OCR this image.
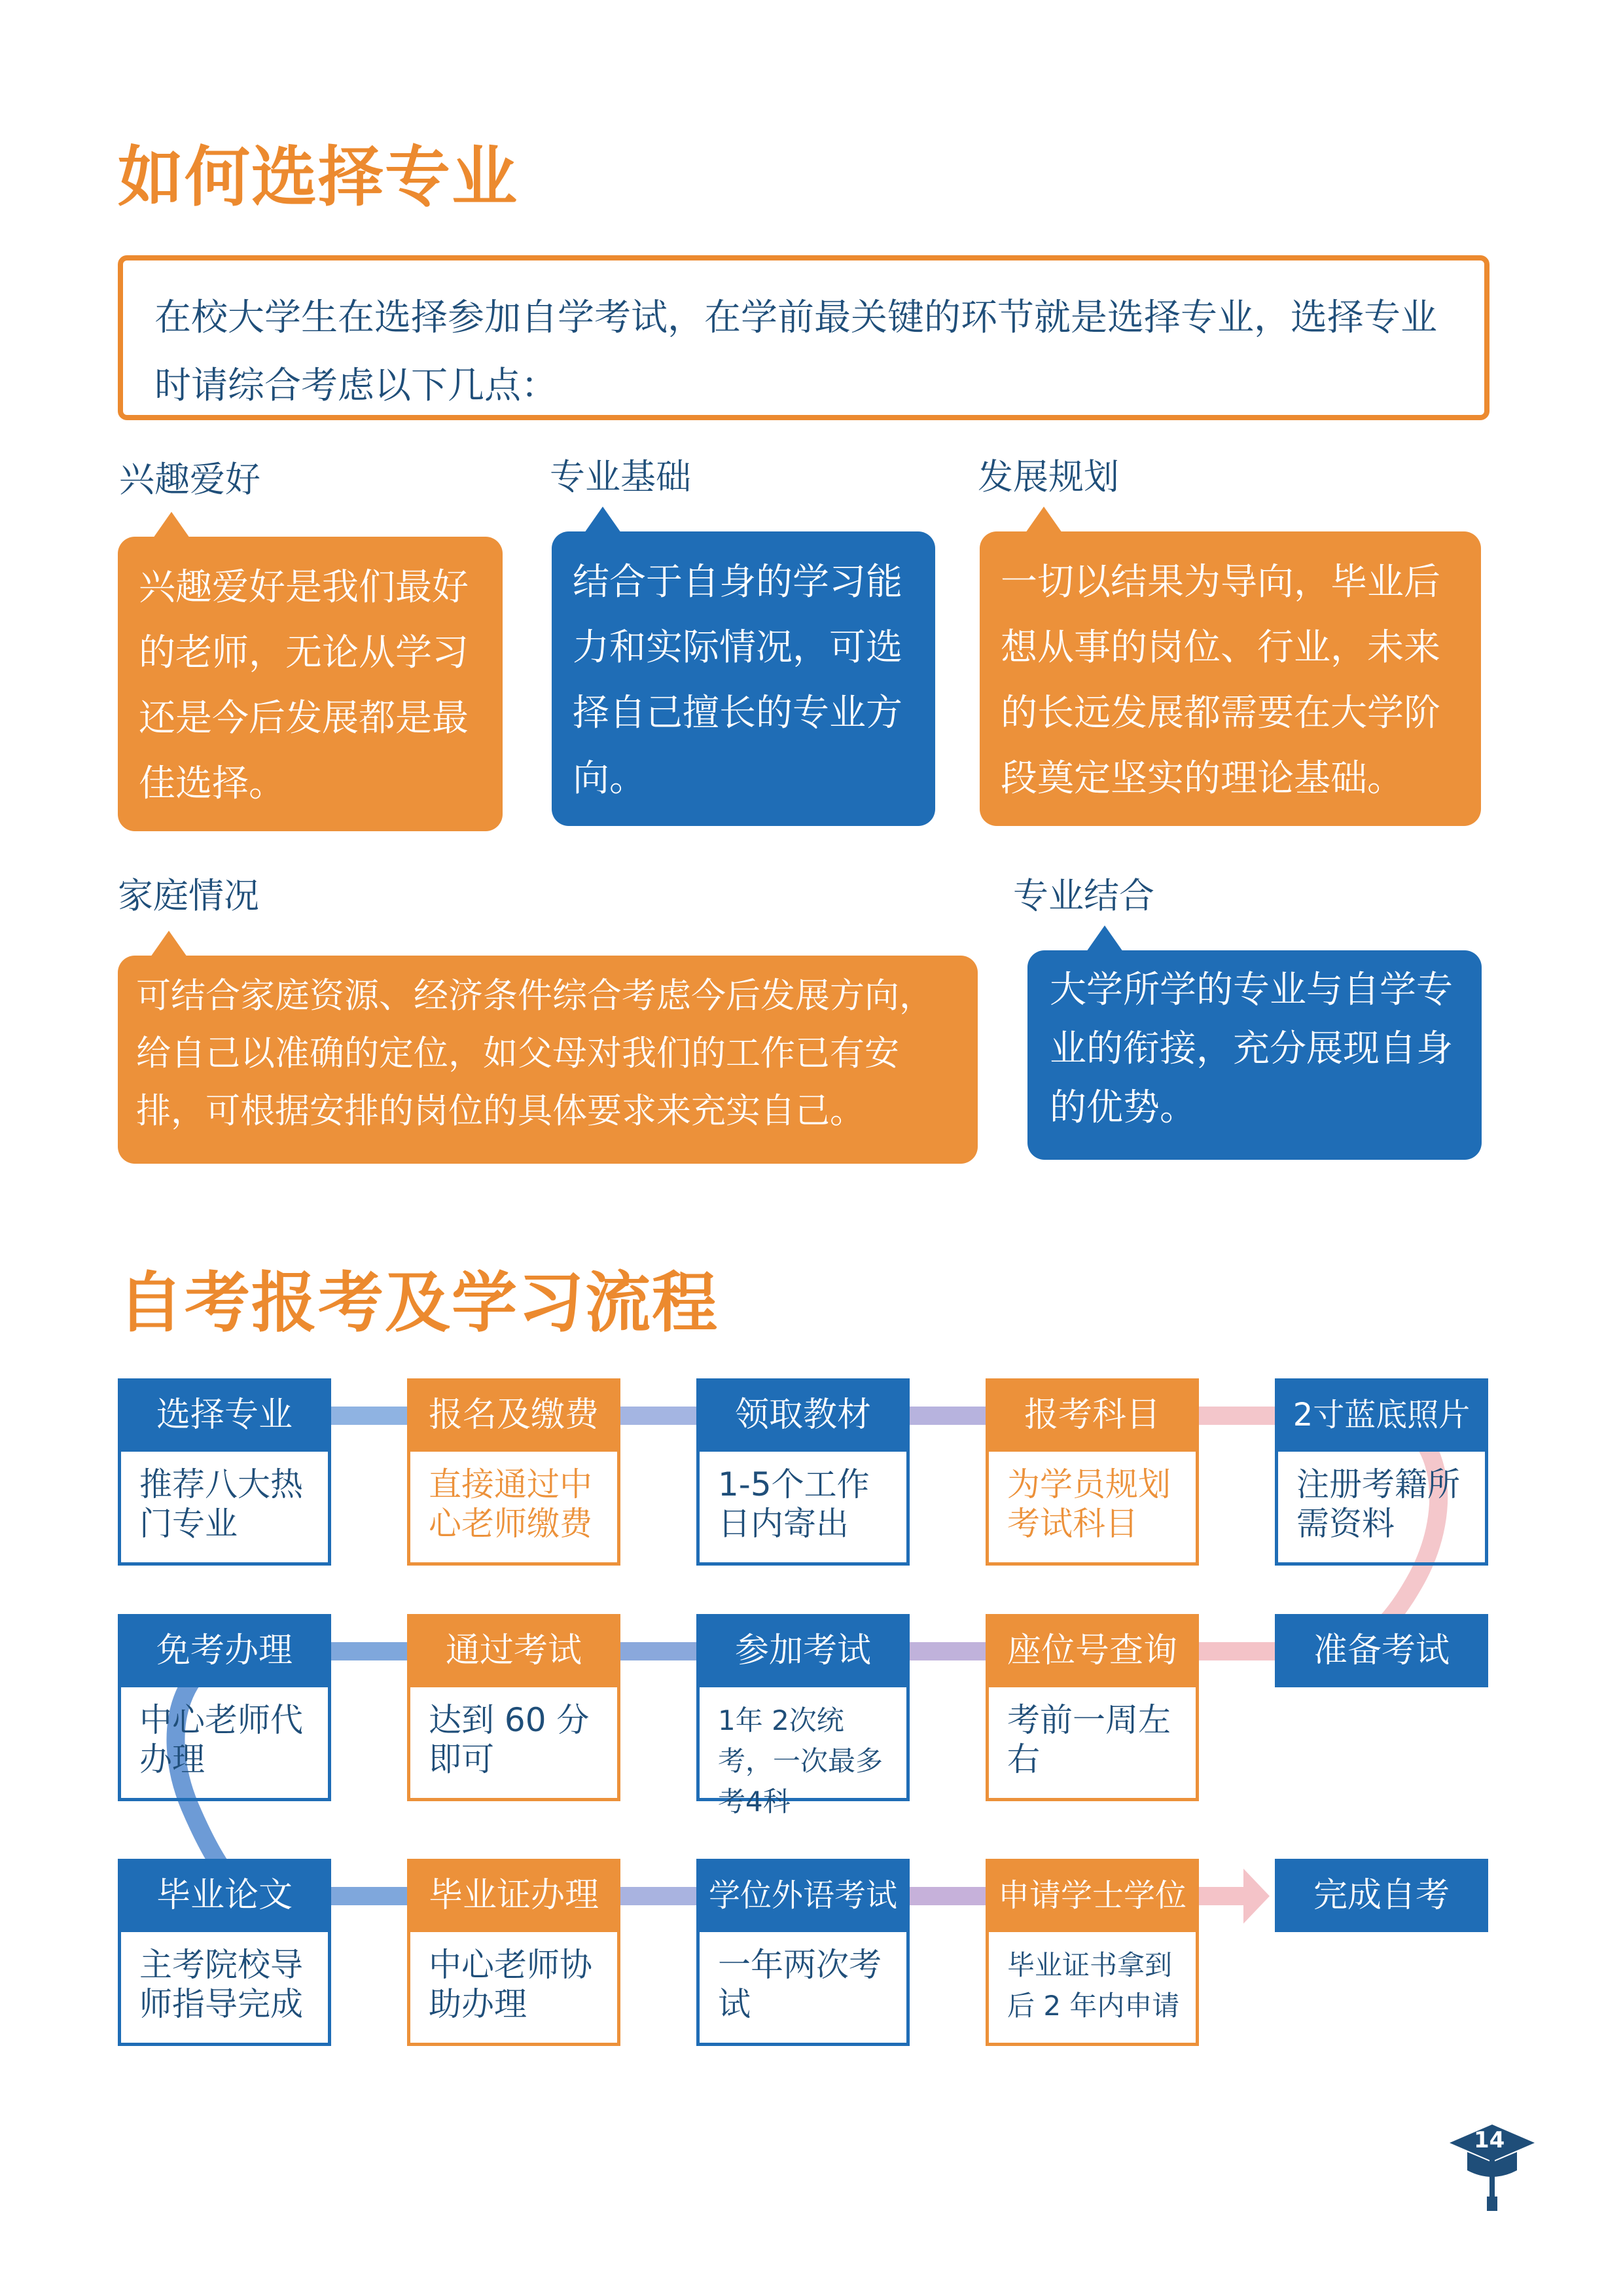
如何选择专业
在校大学生在选择参加自学考试，在学前最关键的环节就是选择专业，选择专业时请综合考虑以下几点：
兴趣爱好
兴趣爱好是我们最好的老师，无论从学习还是今后发展都是最佳选择。
专业基础
结合于自身的学习能力和实际情况，可选择自己擅长的专业方向。
发展规划
一切以结果为导向，毕业后想从事的岗位、行业，未来的长远发展都需要在大学阶段奠定坚实的理论基础。
家庭情况
可结合家庭资源、经济条件综合考虑今后发展方向，给自己以准确的定位，如父母对我们的工作已有安排，可根据安排的岗位的具体要求来充实自己。
专业结合
大学所学的专业与自学专业的衔接，充分展现自身的优势。
自考报考及学习流程
选择专业
推荐八大热门专业
报名及缴费
直接通过中心老师缴费
领取教材
1-5个工作日内寄出
报考科目
为学员规划考试科目
2寸蓝底照片
注册考籍所需资料
免考办理
中心老师代办理
通过考试
达到 60 分即可
参加考试
1年 2次统考，一次最多考4科
座位号查询
考前一周左右
准备考试
毕业论文
主考院校导师指导完成
毕业证办理
中心老师协助办理
学位外语考试
一年两次考试
申请学士学位
毕业证书拿到后 2 年内申请
完成自考
14
